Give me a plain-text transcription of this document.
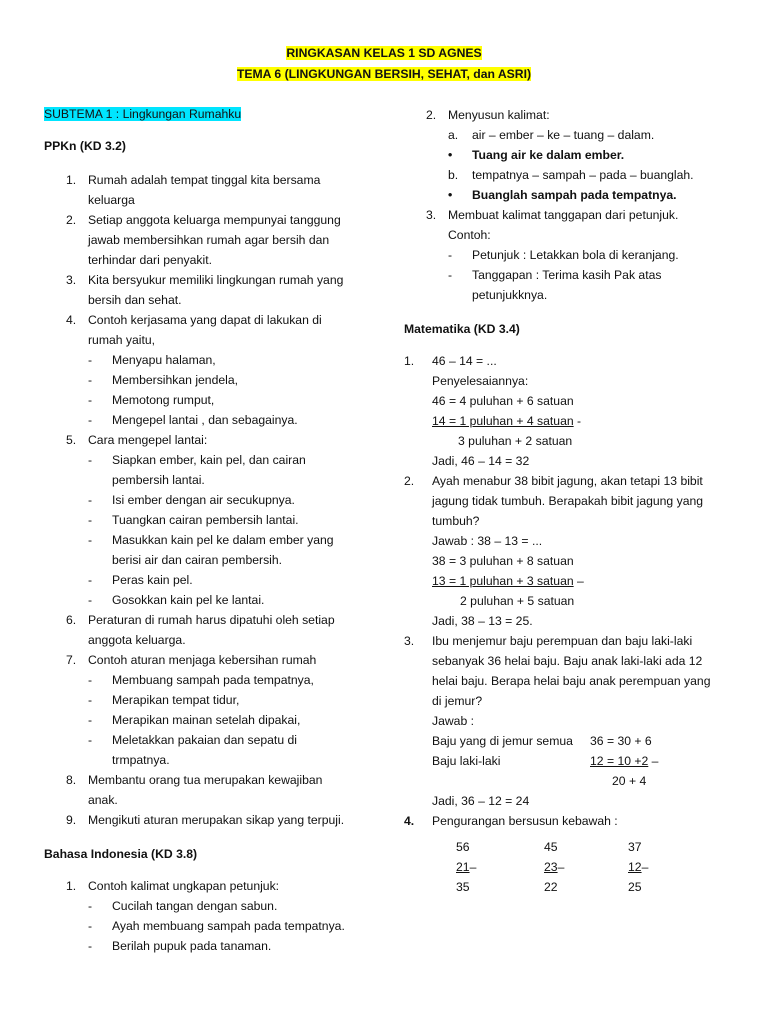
RINGKASAN KELAS 1 SD AGNES
TEMA 6 (LINGKUNGAN BERSIH, SEHAT, dan ASRI)
SUBTEMA 1 : Lingkungan Rumahku
PPKn (KD 3.2)
1. Rumah adalah tempat tinggal kita bersama
keluarga
2. Setiap anggota keluarga mempunyai tanggung
jawab membersihkan rumah agar bersih dan
terhindar dari penyakit.
3. Kita bersyukur memiliki lingkungan rumah yang
bersih dan sehat.
4. Contoh kerjasama yang dapat di lakukan di
rumah yaitu,
- Menyapu halaman,
- Membersihkan jendela,
- Memotong rumput,
- Mengepel lantai , dan sebagainya.
5. Cara mengepel lantai:
- Siapkan ember, kain pel, dan cairan
pembersih lantai.
- Isi ember dengan air secukupnya.
- Tuangkan cairan pembersih lantai.
- Masukkan kain pel ke dalam ember yang
berisi air dan cairan pembersih.
- Peras kain pel.
- Gosokkan kain pel ke lantai.
6. Peraturan di rumah harus dipatuhi oleh setiap
anggota keluarga.
7. Contoh aturan menjaga kebersihan rumah
- Membuang sampah pada tempatnya,
- Merapikan tempat tidur,
- Merapikan mainan setelah dipakai,
- Meletakkan pakaian dan sepatu di
trmpatnya.
8. Membantu orang tua merupakan kewajiban
anak.
9. Mengikuti aturan merupakan sikap yang terpuji.
Bahasa Indonesia (KD 3.8)
1. Contoh kalimat ungkapan petunjuk:
- Cucilah tangan dengan sabun.
- Ayah membuang sampah pada tempatnya.
- Berilah pupuk pada tanaman.
2. Menyusun kalimat:
a. air – ember – ke – tuang – dalam.
• Tuang air ke dalam ember.
b. tempatnya – sampah – pada – buanglah.
• Buanglah sampah pada tempatnya.
3. Membuat kalimat tanggapan dari petunjuk.
Contoh:
- Petunjuk : Letakkan bola di keranjang.
- Tanggapan : Terima kasih Pak atas
petunjukknya.
Matematika (KD 3.4)
1. 46 – 14 = ...
Penyelesaiannya:
46 = 4 puluhan + 6 satuan
14 = 1 puluhan + 4 satuan -
3 puluhan + 2 satuan
Jadi, 46 – 14 = 32
2. Ayah menabur 38 bibit jagung, akan tetapi 13 bibit
jagung tidak tumbuh. Berapakah bibit jagung yang
tumbuh?
Jawab : 38 – 13 = ...
38 = 3 puluhan + 8 satuan
13 = 1 puluhan + 3 satuan –
2 puluhan + 5 satuan
Jadi, 38 – 13 = 25.
3. Ibu menjemur baju perempuan dan baju laki-laki
sebanyak 36 helai baju. Baju anak laki-laki ada 12
helai baju. Berapa helai baju anak perempuan yang
di jemur?
Jawab :
Baju yang di jemur semua 36 = 30 + 6
Baju laki-laki	12 = 10 +2 –
20 + 4
Jadi, 36 – 12 = 24
4. Pengurangan bersusun kebawah :
56	45	37
21–	23–	12–
35	22	25
